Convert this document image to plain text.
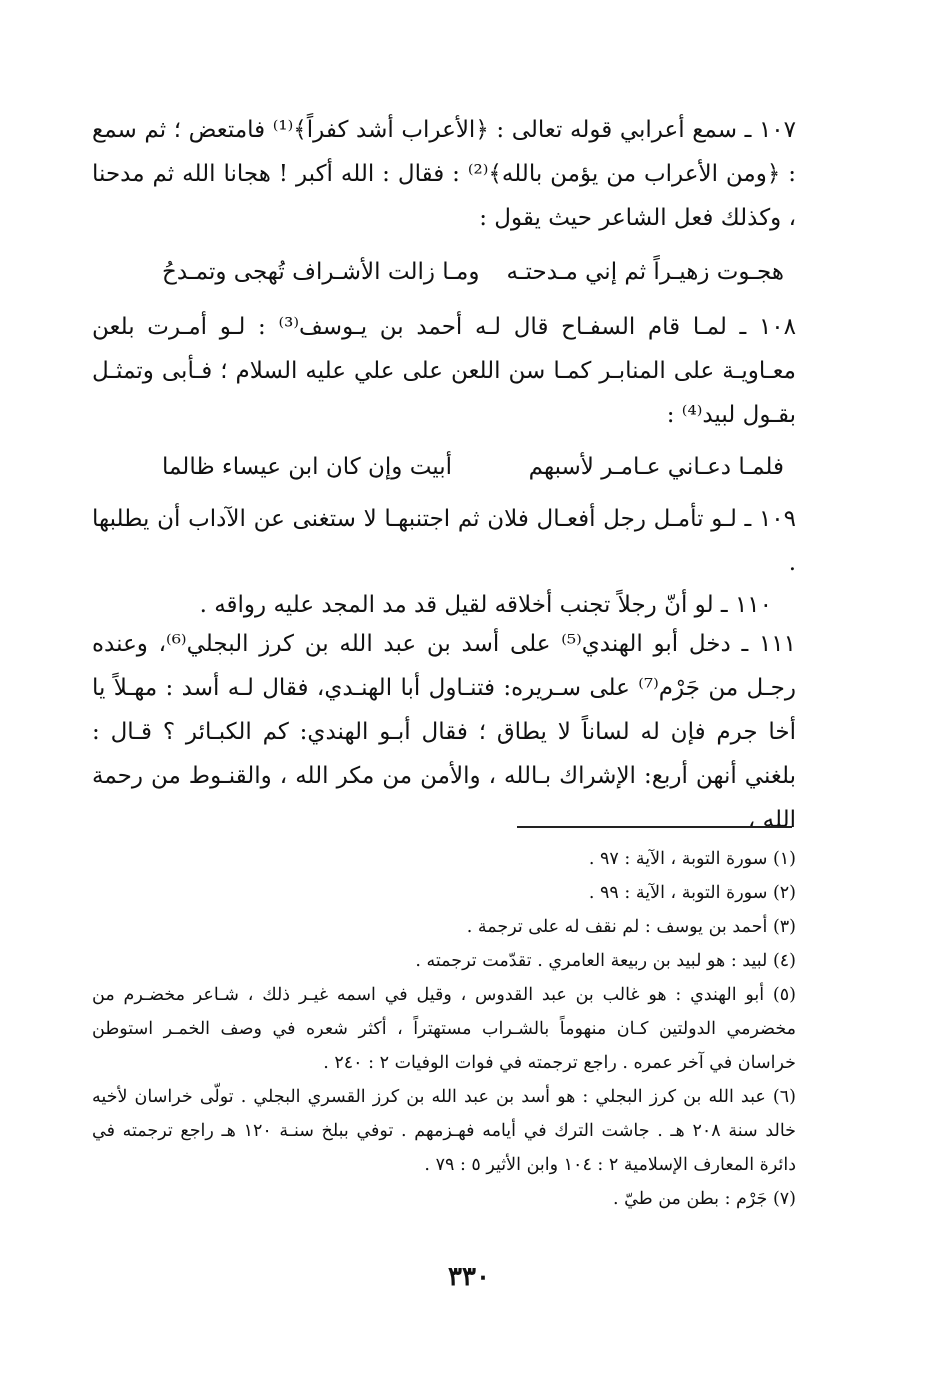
١٠٧ ـ سمع أعرابي قوله تعالى : ﴿الأعراب أشد كفراً﴾⁽¹⁾ فامتعض ؛ ثم سمع : ﴿ومن الأعراب من يؤمن بالله﴾⁽²⁾ : فقال : الله أكبر ! هجانا الله ثم مدحنا ، وكذلك فعل الشاعر حيث يقول :

هجـوت زهيـراً ثم إني مـدحتـه
ومـا زالت الأشـراف تُهجى وتمـدحُ

١٠٨ ـ لمـا قام السفـاح قال لـه أحمد بن يـوسف⁽³⁾ : لـو أمـرت بلعن معـاويـة على المنابـر كمـا سن اللعن على علي عليه السلام ؛ فـأبى وتمثـل بقـول لبيد⁽⁴⁾ :

فلمـا دعـاني عـامـر لأسبهم
أبيت وإن كان ابن عيساء ظالما

١٠٩ ـ لـو تأمـل رجل أفعـال فلان ثم اجتنبهـا لا ستغنى عن الآداب أن يطلبها .

١١٠ ـ لو أنّ رجلاً تجنب أخلاقه لقيل قد مد المجد عليه رواقه .

١١١ ـ دخل أبو الهندي⁽⁵⁾ على أسد بن عبد الله بن كرز البجلي⁽⁶⁾، وعنده رجـل من جَرْم⁽⁷⁾ على سـريره: فتنـاول أبا الهنـدي، فقال لـه أسد : مهـلاً يا أخا جرم فإن له لساناً لا يطاق ؛ فقال أبـو الهندي: كم الكبـائر ؟ قـال : بلغني أنهن أربع: الإشراك بـالله ، والأمن من مكر الله ، والقنـوط من رحمة الله ،

(١) سورة التوبة ، الآية : ٩٧ .

(٢) سورة التوبة ، الآية : ٩٩ .

(٣) أحمد بن يوسف : لم نقف له على ترجمة .

(٤) لبيد : هو لبيد بن ربيعة العامري . تقدّمت ترجمته .

(٥) أبو الهندي : هو غالب بن عبد القدوس ، وقيل في اسمه غيـر ذلك ، شـاعر مخضـرم من مخضرمي الدولتين كـان منهوماً بالشـراب مستهتراً ، أكثر شعره في وصف الخمـر استوطن خراسان في آخر عمره . راجع ترجمته في فوات الوفيات ٢ : ٢٤٠ .

(٦) عبد الله بن كرز البجلي : هو أسد بن عبد الله بن كرز القسري البجلي . تولّى خراسان لأخيه خالد سنة ٢٠٨ هـ . جاشت الترك في أيامه فهـزمهم . توفي ببلخ سنـة ١٢٠ هـ راجع ترجمته في دائرة المعارف الإسلامية ٢ : ١٠٤ وابن الأثير ٥ : ٧٩ .

(٧) جَرْم : بطن من طيّ .

٣٣٠
